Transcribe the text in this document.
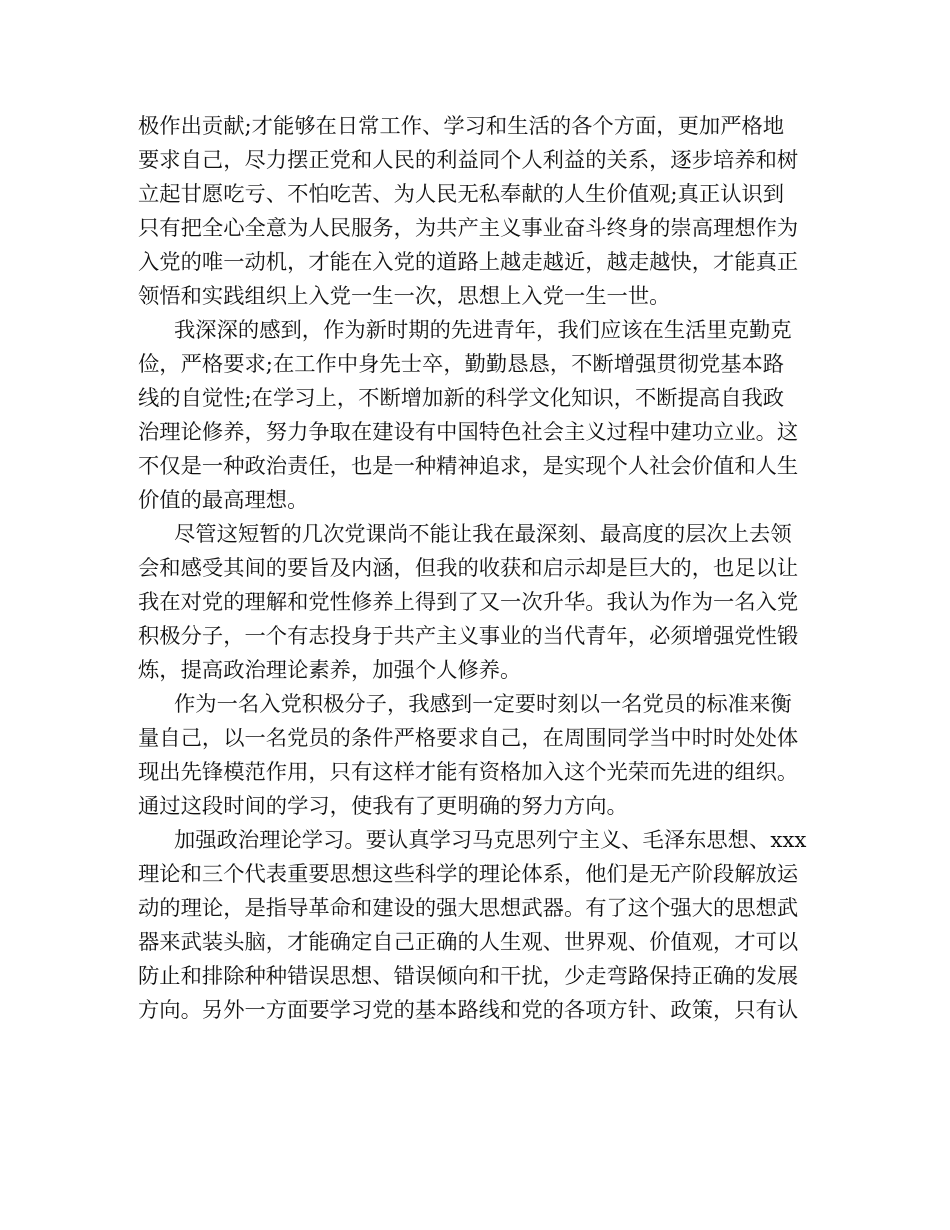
极作出贡献;才能够在日常工作、学习和生活的各个方面，更加严格地
要求自己，尽力摆正党和人民的利益同个人利益的关系，逐步培养和树
立起甘愿吃亏、不怕吃苦、为人民无私奉献的人生价值观;真正认识到
只有把全心全意为人民服务，为共产主义事业奋斗终身的崇高理想作为
入党的唯一动机，才能在入党的道路上越走越近，越走越快，才能真正
领悟和实践组织上入党一生一次，思想上入党一生一世。
我深深的感到，作为新时期的先进青年，我们应该在生活里克勤克
俭，严格要求;在工作中身先士卒，勤勤恳恳，不断增强贯彻党基本路
线的自觉性;在学习上，不断增加新的科学文化知识，不断提高自我政
治理论修养，努力争取在建设有中国特色社会主义过程中建功立业。这
不仅是一种政治责任，也是一种精神追求，是实现个人社会价值和人生
价值的最高理想。
尽管这短暂的几次党课尚不能让我在最深刻、最高度的层次上去领
会和感受其间的要旨及内涵，但我的收获和启示却是巨大的，也足以让
我在对党的理解和党性修养上得到了又一次升华。我认为作为一名入党
积极分子，一个有志投身于共产主义事业的当代青年，必须增强党性锻
炼，提高政治理论素养，加强个人修养。
作为一名入党积极分子，我感到一定要时刻以一名党员的标准来衡
量自己，以一名党员的条件严格要求自己，在周围同学当中时时处处体
现出先锋模范作用，只有这样才能有资格加入这个光荣而先进的组织。
通过这段时间的学习，使我有了更明确的努力方向。
加强政治理论学习。要认真学习马克思列宁主义、毛泽东思想、xxx
理论和三个代表重要思想这些科学的理论体系，他们是无产阶段解放运
动的理论，是指导革命和建设的强大思想武器。有了这个强大的思想武
器来武装头脑，才能确定自己正确的人生观、世界观、价值观，才可以
防止和排除种种错误思想、错误倾向和干扰，少走弯路保持正确的发展
方向。另外一方面要学习党的基本路线和党的各项方针、政策，只有认
